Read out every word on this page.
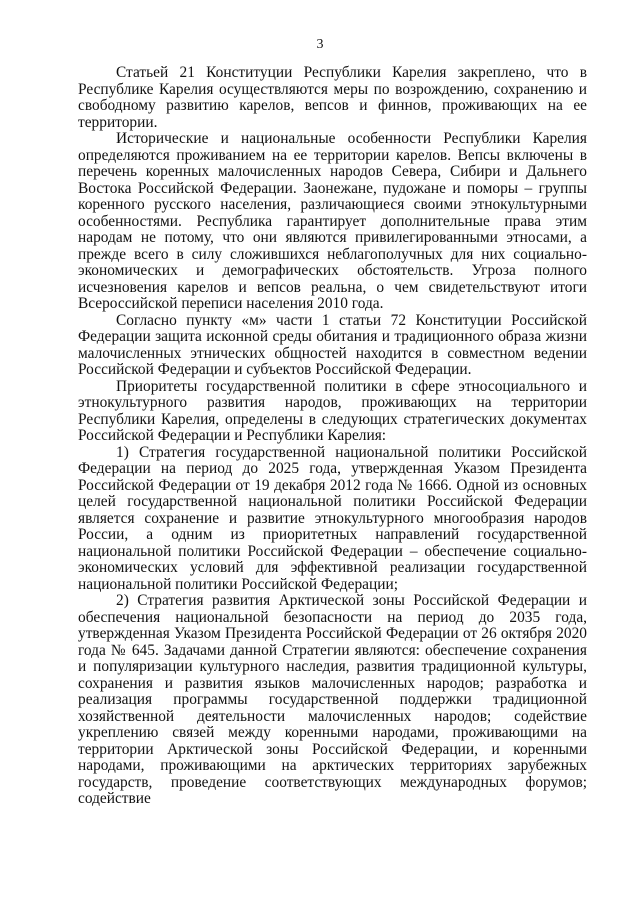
3

Статьей 21 Конституции Республики Карелия закреплено, что в Республике Карелия осуществляются меры по возрождению, сохранению и свободному развитию карелов, вепсов и финнов, проживающих на ее территории.

Исторические и национальные особенности Республики Карелия определяются проживанием на ее территории карелов. Вепсы включены в перечень коренных малочисленных народов Севера, Сибири и Дальнего Востока Российской Федерации. Заонежане, пудожане и поморы – группы коренного русского населения, различающиеся своими этнокультурными особенностями. Республика гарантирует дополнительные права этим народам не потому, что они являются привилегированными этносами, а прежде всего в силу сложившихся неблагополучных для них социально-экономических и демографических обстоятельств. Угроза полного исчезновения карелов и вепсов реальна, о чем свидетельствуют итоги Всероссийской переписи населения 2010 года.

Согласно пункту «м» части 1 статьи 72 Конституции Российской Федерации защита исконной среды обитания и традиционного образа жизни малочисленных этнических общностей находится в совместном ведении Российской Федерации и субъектов Российской Федерации.

Приоритеты государственной политики в сфере этносоциального и этнокультурного развития народов, проживающих на территории Республики Карелия, определены в следующих стратегических документах Российской Федерации и Республики Карелия:

1) Стратегия государственной национальной политики Российской Федерации на период до 2025 года, утвержденная Указом Президента Российской Федерации от 19 декабря 2012 года № 1666. Одной из основных целей государственной национальной политики Российской Федерации является сохранение и развитие этнокультурного многообразия народов России, а одним из приоритетных направлений государственной национальной политики Российской Федерации – обеспечение социально-экономических условий для эффективной реализации государственной национальной политики Российской Федерации;

2) Стратегия развития Арктической зоны Российской Федерации и обеспечения национальной безопасности на период до 2035 года, утвержденная Указом Президента Российской Федерации от 26 октября 2020 года № 645. Задачами данной Стратегии являются: обеспечение сохранения и популяризации культурного наследия, развития традиционной культуры, сохранения и развития языков малочисленных народов; разработка и реализация программы государственной поддержки традиционной хозяйственной деятельности малочисленных народов; содействие укреплению связей между коренными народами, проживающими на территории Арктической зоны Российской Федерации, и коренными народами, проживающими на арктических территориях зарубежных государств, проведение соответствующих международных форумов; содействие
